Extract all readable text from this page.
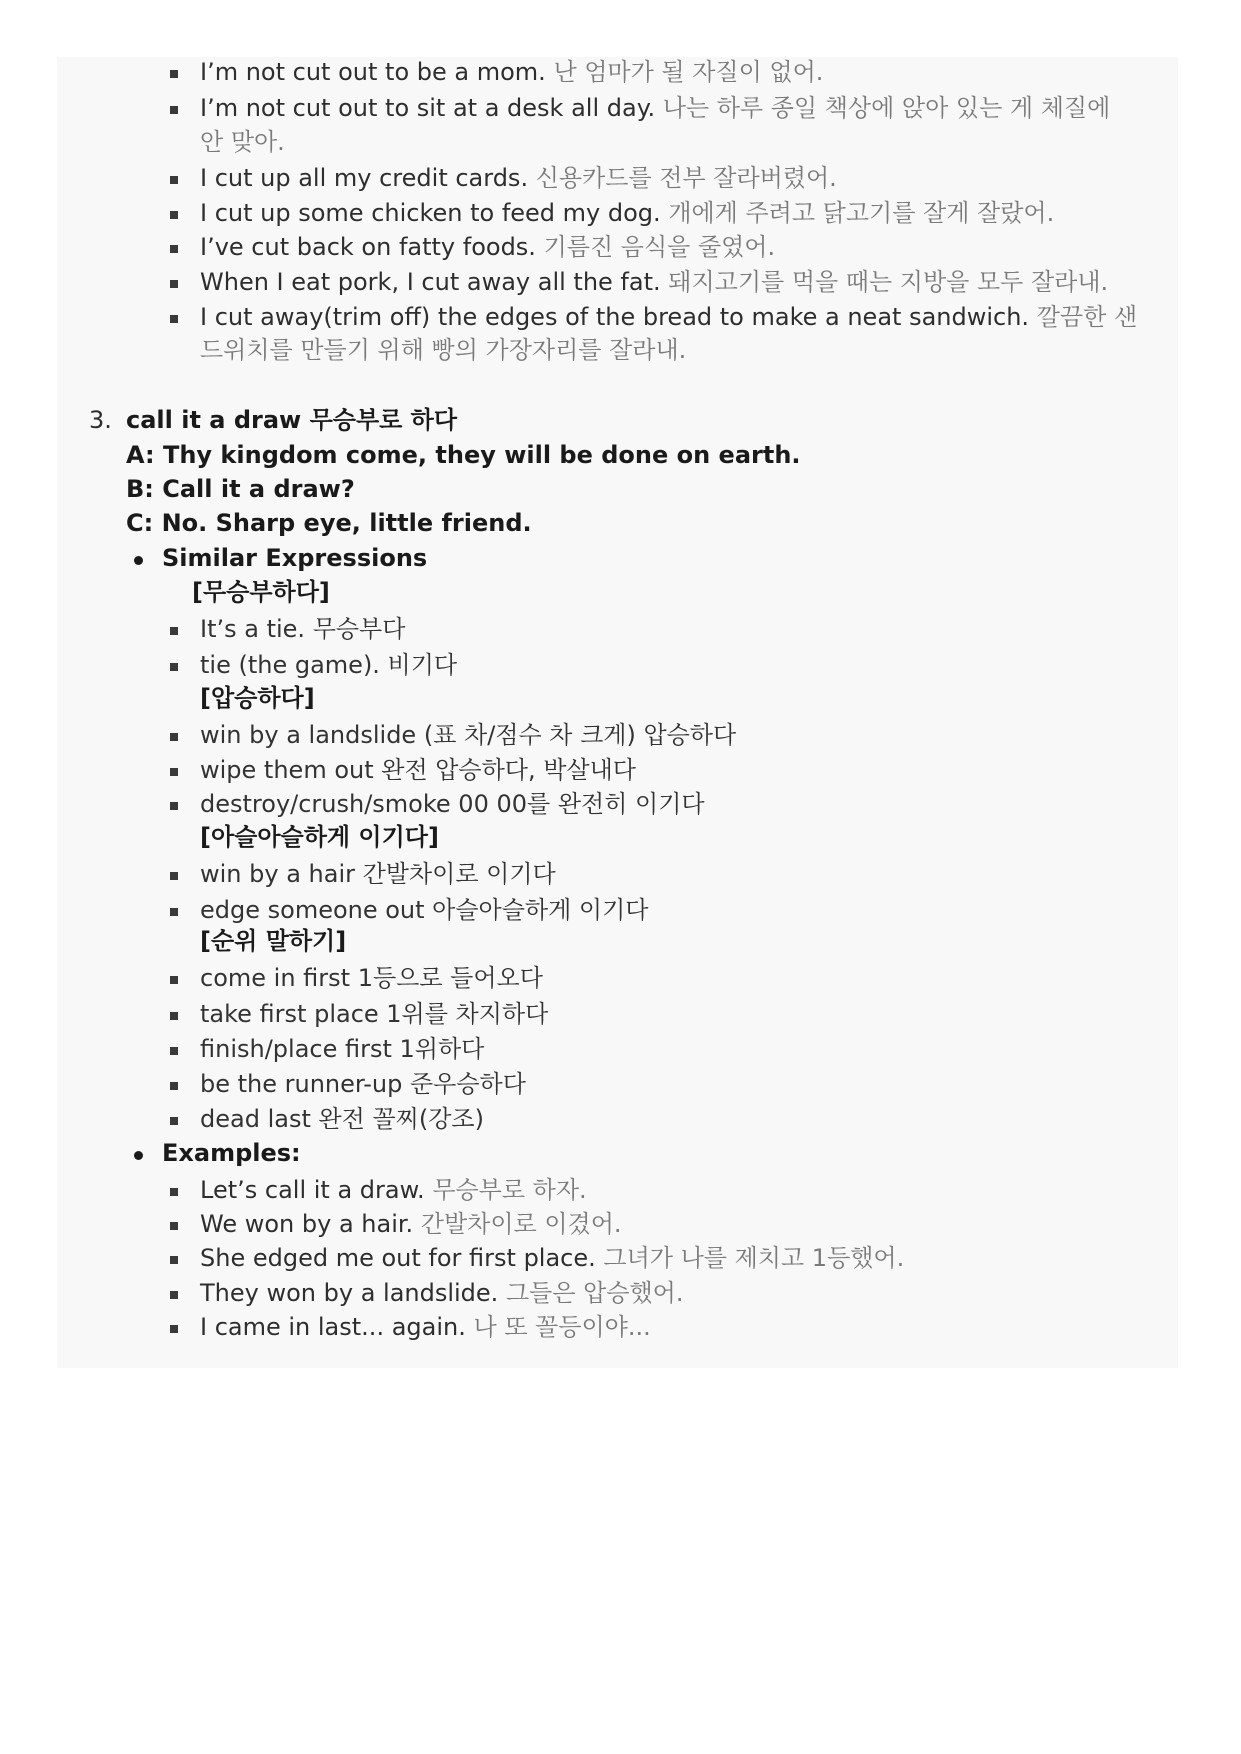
I’m not cut out to be a mom. 난 엄마가 될 자질이 없어.
I’m not cut out to sit at a desk all day. 나는 하루 종일 책상에 앉아 있는 게 체질에
안 맞아.
I cut up all my credit cards. 신용카드를 전부 잘라버렸어.
I cut up some chicken to feed my dog. 개에게 주려고 닭고기를 잘게 잘랐어.
I’ve cut back on fatty foods. 기름진 음식을 줄였어.
When I eat pork, I cut away all the fat. 돼지고기를 먹을 때는 지방을 모두 잘라내.
I cut away(trim off) the edges of the bread to make a neat sandwich. 깔끔한 샌
드위치를 만들기 위해 빵의 가장자리를 잘라내.
3. call it a draw 무승부로 하다
A: Thy kingdom come, they will be done on earth.
B: Call it a draw?
C: No. Sharp eye, little friend.
Similar Expressions
[무승부하다]
It’s a tie. 무승부다
tie (the game). 비기다
[압승하다]
win by a landslide (표 차/점수 차 크게) 압승하다
wipe them out 완전 압승하다, 박살내다
destroy/crush/smoke 00 00를 완전히 이기다
[아슬아슬하게 이기다]
win by a hair 간발차이로 이기다
edge someone out 아슬아슬하게 이기다
[순위 말하기]
come in first 1등으로 들어오다
take first place 1위를 차지하다
finish/place first 1위하다
be the runner-up 준우승하다
dead last 완전 꼴찌(강조)
Examples:
Let’s call it a draw. 무승부로 하자.
We won by a hair. 간발차이로 이겼어.
She edged me out for first place. 그녀가 나를 제치고 1등했어.
They won by a landslide. 그들은 압승했어.
I came in last... again. 나 또 꼴등이야...
